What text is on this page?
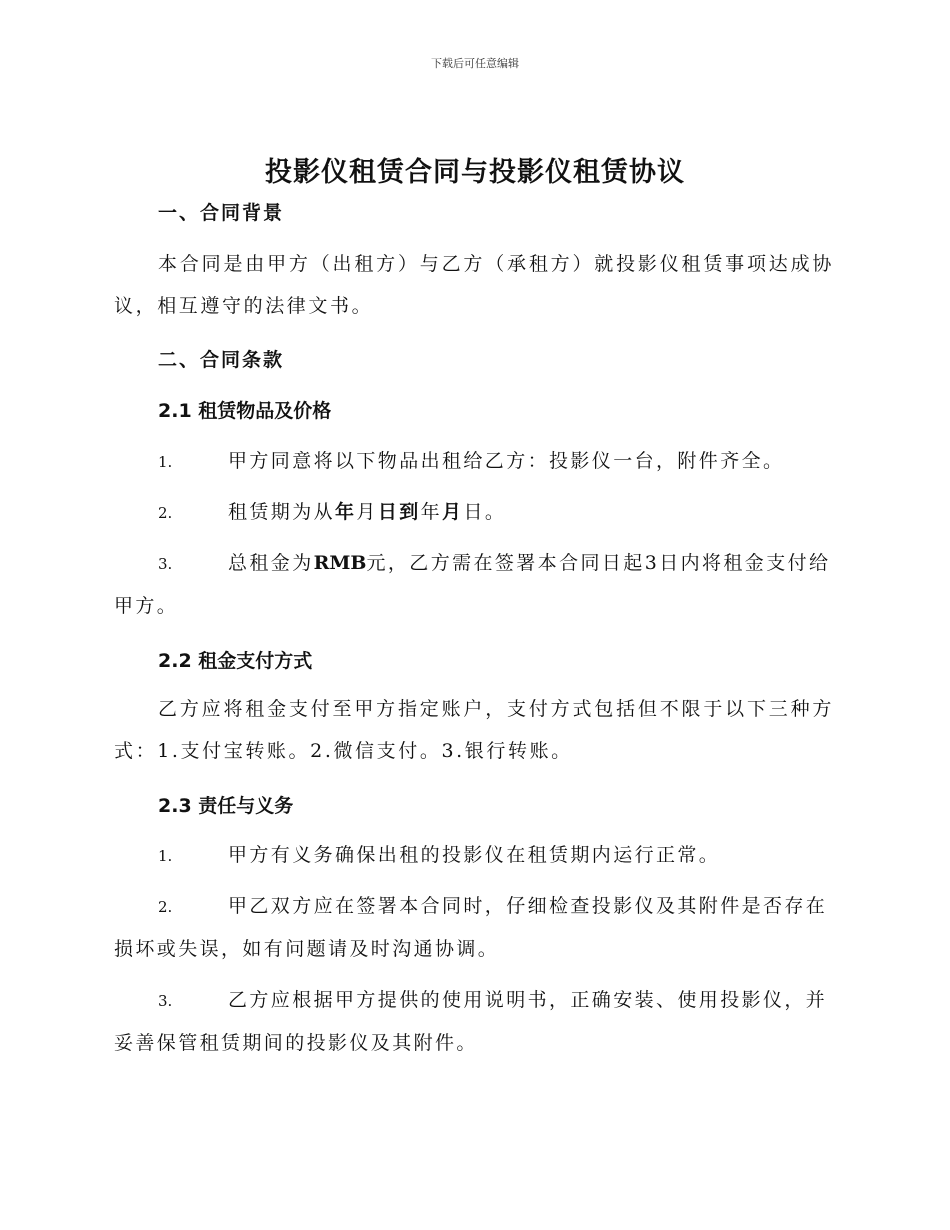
下载后可任意编辑
投影仪租赁合同与投影仪租赁协议
一、合同背景
本合同是由甲方（出租方）与乙方（承租方）就投影仪租赁事项达成协议，相互遵守的法律文书。
二、合同条款
2.1 租赁物品及价格
1.	甲方同意将以下物品出租给乙方：投影仪一台，附件齐全。
2.	租赁期为从年月日到年月日。
3.	总租金为RMB元，乙方需在签署本合同日起3日内将租金支付给甲方。
2.2 租金支付方式
乙方应将租金支付至甲方指定账户，支付方式包括但不限于以下三种方式：1.支付宝转账。2.微信支付。3.银行转账。
2.3 责任与义务
1.	甲方有义务确保出租的投影仪在租赁期内运行正常。
2.	甲乙双方应在签署本合同时，仔细检查投影仪及其附件是否存在损坏或失误，如有问题请及时沟通协调。
3.	乙方应根据甲方提供的使用说明书，正确安装、使用投影仪，并妥善保管租赁期间的投影仪及其附件。
